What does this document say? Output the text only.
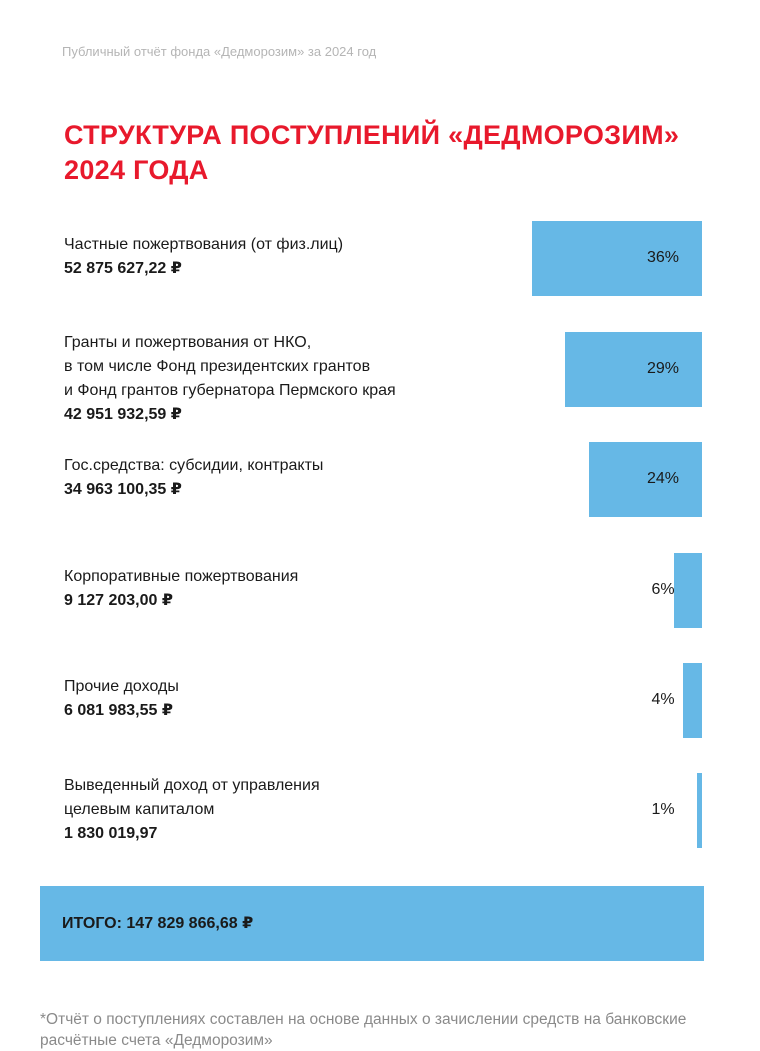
Публичный отчёт фонда «Дедморозим» за 2024 год
СТРУКТУРА ПОСТУПЛЕНИЙ «ДЕДМОРОЗИМ»
2024 ГОДА
36%
Частные пожертвования (от физ.лиц)
52 875 627,22 ₽
29%
Гранты и пожертвования от НКО,
в том числе Фонд президентских грантов
и Фонд грантов губернатора Пермского края
42 951 932,59 ₽
24%
Гос.средства: субсидии, контракты
34 963 100,35 ₽
6%
Корпоративные пожертвования
9 127 203,00 ₽
4%
Прочие доходы
6 081 983,55 ₽
1%
Выведенный доход от управления
целевым капиталом
1 830 019,97
ИТОГО: 147 829 866,68 ₽
*Отчёт о поступлениях составлен на основе данных о зачислении средств на банковские расчётные счета «Дедморозим»
